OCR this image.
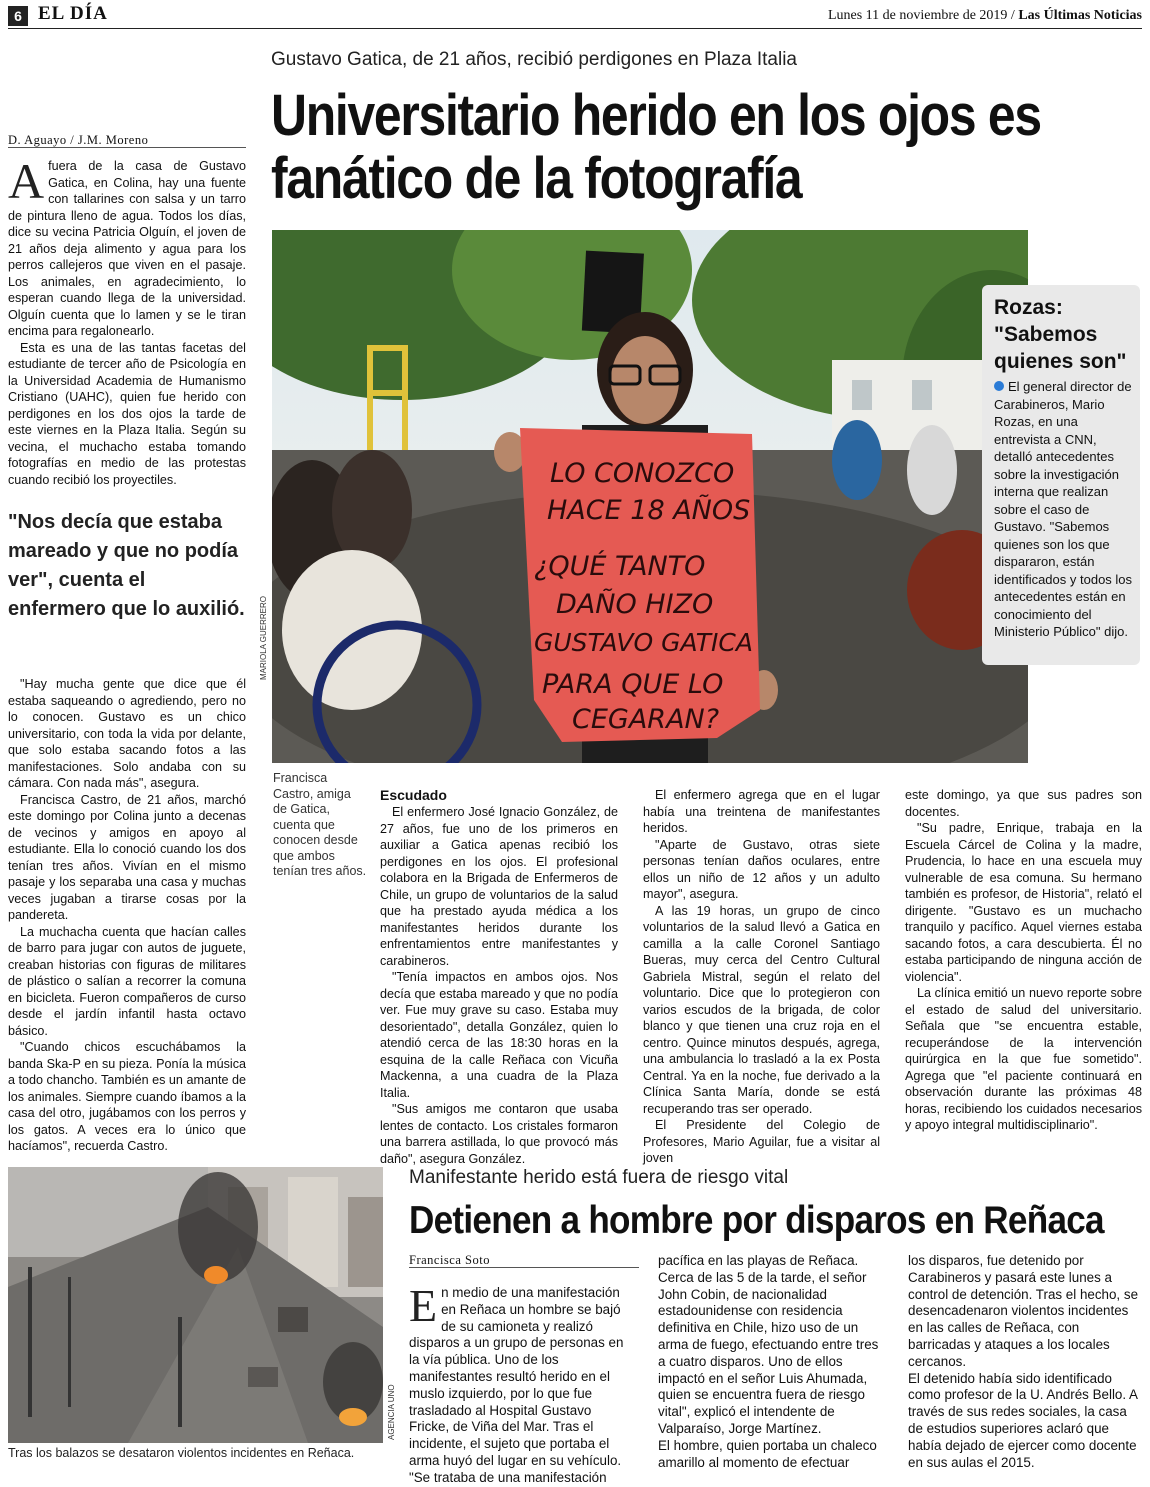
6 EL DÍA	Lunes 11 de noviembre de 2019 / Las Últimas Noticias
Gustavo Gatica, de 21 años, recibió perdigones en Plaza Italia
Universitario herido en los ojos es fanático de la fotografía
D. Aguayo / J.M. Moreno

Afuera de la casa de Gustavo Gatica, en Colina, hay una fuente con tallarines con salsa y un tarro de pintura lleno de agua. Todos los días, dice su vecina Patricia Olguín, el joven de 21 años deja alimento y agua para los perros callejeros que viven en el pasaje. Los animales, en agradecimiento, lo esperan cuando llega de la universidad. Olguín cuenta que lo lamen y se le tiran encima para regalonearlo.

Esta es una de las tantas facetas del estudiante de tercer año de Psicología en la Universidad Academia de Humanismo Cristiano (UAHC), quien fue herido con perdigones en los dos ojos la tarde de este viernes en la Plaza Italia. Según su vecina, el muchacho estaba tomando fotografías en medio de las protestas cuando recibió los proyectiles.

"Nos decía que estaba mareado y que no podía ver", cuenta el enfermero que lo auxilió.

"Hay mucha gente que dice que él estaba saqueando o agrediendo, pero no lo conocen. Gustavo es un chico universitario, con toda la vida por delante, que solo estaba sacando fotos a las manifestaciones. Solo andaba con su cámara. Con nada más", asegura.

Francisca Castro, de 21 años, marchó este domingo por Colina junto a decenas de vecinos y amigos en apoyo al estudiante. Ella lo conoció cuando los dos tenían tres años. Vivían en el mismo pasaje y los separaba una casa y muchas veces jugaban a tirarse cosas por la pandereta.

La muchacha cuenta que hacían calles de barro para jugar con autos de juguete, creaban historias con figuras de militares de plástico o salían a recorrer la comuna en bicicleta. Fueron compañeros de curso desde el jardín infantil hasta octavo básico.

"Cuando chicos escuchábamos la banda Ska-P en su pieza. Ponía la música a todo chancho. También es un amante de los animales. Siempre cuando íbamos a la casa del otro, jugábamos con los perros y los gatos. A veces era lo único que hacíamos", recuerda Castro.

LO CONOZCO
HACE 18 AÑOS
¿QUÉ TANTO
DAÑO HIZO
GUSTAVO GATICA
PARA QUE LO
CEGARAN?
MARIOLA GUERRERO
Francisca Castro, amiga de Gatica, cuenta que conocen desde que ambos tenían tres años.
Rozas: "Sabemos quienes son"
El general director de Carabineros, Mario Rozas, en una entrevista a CNN, detalló antecedentes sobre la investigación interna que realizan sobre el caso de Gustavo. "Sabemos quienes son los que dispararon, están identificados y todos los antecedentes están en conocimiento del Ministerio Público" dijo.

Escudado

El enfermero José Ignacio González, de 27 años, fue uno de los primeros en auxiliar a Gatica apenas recibió los perdigones en los ojos. El profesional colabora en la Brigada de Enfermeros de Chile, un grupo de voluntarios de la salud que ha prestado ayuda médica a los manifestantes heridos durante los enfrentamientos entre manifestantes y carabineros.

"Tenía impactos en ambos ojos. Nos decía que estaba mareado y que no podía ver. Fue muy grave su caso. Estaba muy desorientado", detalla González, quien lo atendió cerca de las 18:30 horas en la esquina de la calle Reñaca con Vicuña Mackenna, a una cuadra de la Plaza Italia.

"Sus amigos me contaron que usaba lentes de contacto. Los cristales formaron una barrera astillada, lo que provocó más daño", asegura González.

El enfermero agrega que en el lugar había una treintena de manifestantes heridos.

"Aparte de Gustavo, otras siete personas tenían daños oculares, entre ellos un niño de 12 años y un adulto mayor", asegura.

A las 19 horas, un grupo de cinco voluntarios de la salud llevó a Gatica en camilla a la calle Coronel Santiago Bueras, muy cerca del Centro Cultural Gabriela Mistral, según el relato del voluntario. Dice que lo protegieron con varios escudos de la brigada, de color blanco y que tienen una cruz roja en el centro. Quince minutos después, agrega, una ambulancia lo trasladó a la ex Posta Central. Ya en la noche, fue derivado a la Clínica Santa María, donde se está recuperando tras ser operado.

El Presidente del Colegio de Profesores, Mario Aguilar, fue a visitar al joven

este domingo, ya que sus padres son docentes.

"Su padre, Enrique, trabaja en la Escuela Cárcel de Colina y la madre, Prudencia, lo hace en una escuela muy vulnerable de esa comuna. Su hermano también es profesor, de Historia", relató el dirigente. "Gustavo es un muchacho tranquilo y pacífico. Aquel viernes estaba sacando fotos, a cara descubierta. Él no estaba participando de ninguna acción de violencia".

La clínica emitió un nuevo reporte sobre el estado de salud del universitario. Señala que "se encuentra estable, recuperándose de la intervención quirúrgica en la que fue sometido". Agrega que "el paciente continuará en observación durante las próximas 48 horas, recibiendo los cuidados necesarios y apoyo integral multidisciplinario".

AGENCIA UNO
Tras los balazos se desataron violentos incidentes en Reñaca.
Manifestante herido está fuera de riesgo vital
Detienen a hombre por disparos en Reñaca
Francisca Soto

En medio de una manifestación en Reñaca un hombre se bajó de su camioneta y realizó disparos a un grupo de personas en la vía pública. Uno de los manifestantes resultó herido en el muslo izquierdo, por lo que fue trasladado al Hospital Gustavo Fricke, de Viña del Mar. Tras el incidente, el sujeto que portaba el arma huyó del lugar en su vehículo. "Se trataba de una manifestación

pacífica en las playas de Reñaca. Cerca de las 5 de la tarde, el señor John Cobin, de nacionalidad estadounidense con residencia definitiva en Chile, hizo uso de un arma de fuego, efectuando entre tres a cuatro disparos. Uno de ellos impactó en el señor Luis Ahumada, quien se encuentra fuera de riesgo vital", explicó el intendente de Valparaíso, Jorge Martínez.

El hombre, quien portaba un chaleco amarillo al momento de efectuar

los disparos, fue detenido por Carabineros y pasará este lunes a control de detención. Tras el hecho, se desencadenaron violentos incidentes en las calles de Reñaca, con barricadas y ataques a los locales cercanos.

El detenido había sido identificado como profesor de la U. Andrés Bello. A través de sus redes sociales, la casa de estudios superiores aclaró que había dejado de ejercer como docente en sus aulas el 2015.
